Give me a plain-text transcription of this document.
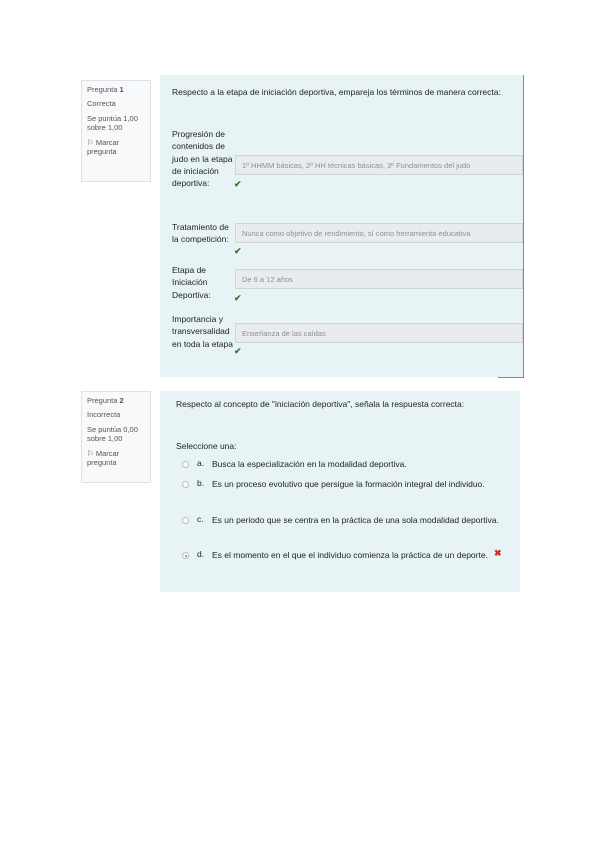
Pregunta 1
Correcta
Se puntúa 1,00 sobre 1,00
⚐ Marcar pregunta
Respecto a la etapa de iniciación deportiva, empareja los términos de manera correcta:
Progresión de contenidos de judo en la etapa de iniciación deportiva:
1º HHMM básicas, 2º HH técnicas básicas, 3º Fundamentos del judo
✔
Tratamiento de la competición:
Nunca como objetivo de rendimiento, sí como herramienta educativa
✔
Etapa de Iniciación Deportiva:
De 6 a 12 años
✔
Importancia y transversalidad en toda la etapa
Enseñanza de las caídas
✔
Pregunta 2
Incorrecta
Se puntúa 0,00 sobre 1,00
⚐ Marcar pregunta
Respecto al concepto de "iniciación deportiva", señala la respuesta correcta:
Seleccione una:
a. Busca la especialización en la modalidad deportiva.
b. Es un proceso evolutivo que persigue la formación integral del individuo.
c. Es un periodo que se centra en la práctica de una sola modalidad deportiva.
d. Es el momento en el que el individuo comienza la práctica de un deporte. ✖
